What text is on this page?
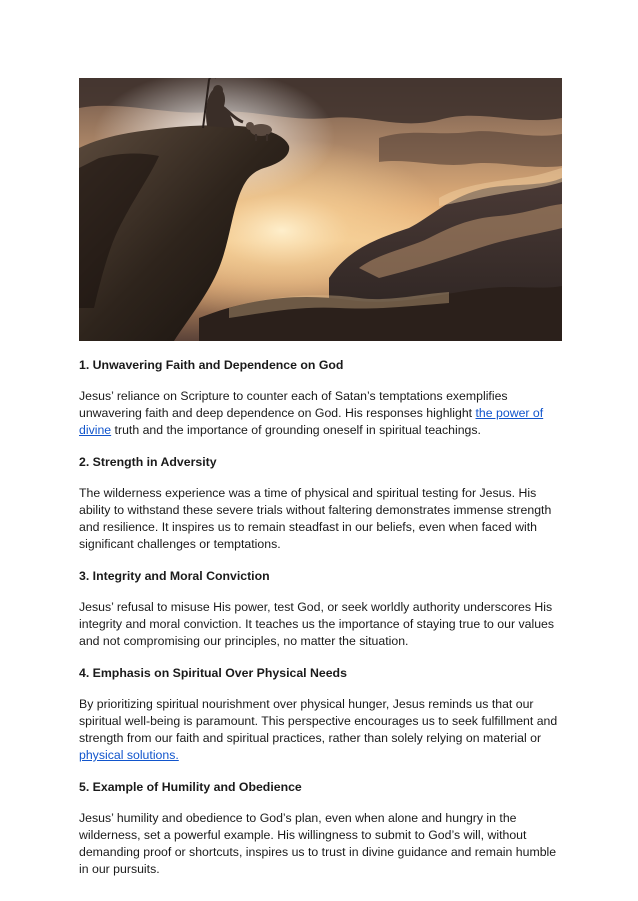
1. Unwavering Faith and Dependence on God
Jesus’ reliance on Scripture to counter each of Satan’s temptations exemplifies unwavering faith and deep dependence on God. His responses highlight the power of divine truth and the importance of grounding oneself in spiritual teachings.
2. Strength in Adversity
The wilderness experience was a time of physical and spiritual testing for Jesus. His ability to withstand these severe trials without faltering demonstrates immense strength and resilience. It inspires us to remain steadfast in our beliefs, even when faced with significant challenges or temptations.
3. Integrity and Moral Conviction
Jesus’ refusal to misuse His power, test God, or seek worldly authority underscores His integrity and moral conviction. It teaches us the importance of staying true to our values and not compromising our principles, no matter the situation.
4. Emphasis on Spiritual Over Physical Needs
By prioritizing spiritual nourishment over physical hunger, Jesus reminds us that our spiritual well-being is paramount. This perspective encourages us to seek fulfillment and strength from our faith and spiritual practices, rather than solely relying on material or physical solutions.
5. Example of Humility and Obedience
Jesus’ humility and obedience to God’s plan, even when alone and hungry in the wilderness, set a powerful example. His willingness to submit to God’s will, without demanding proof or shortcuts, inspires us to trust in divine guidance and remain humble in our pursuits.
